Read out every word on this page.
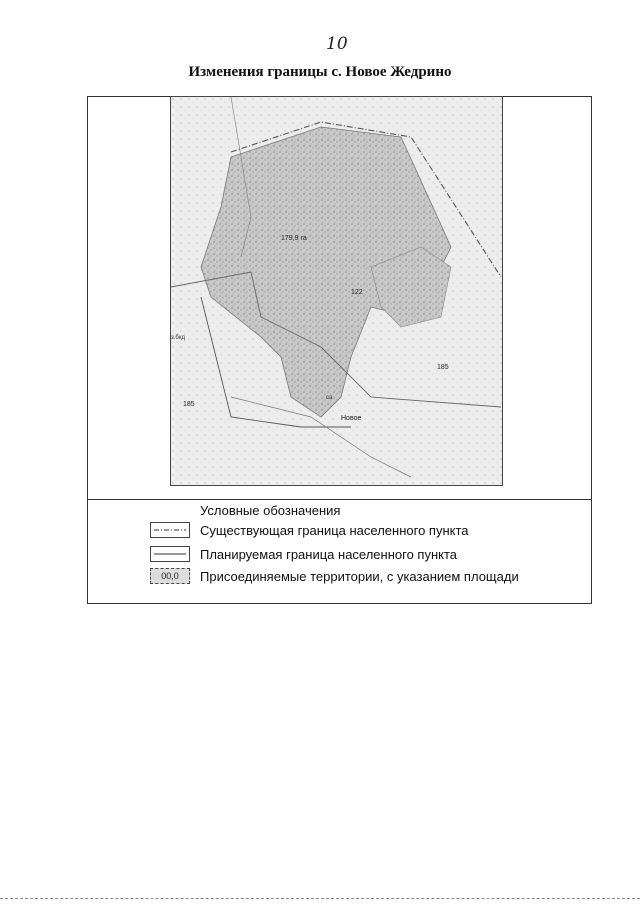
10
Изменения границы с. Новое Жедрино
179,9 га
122
185
185
са
Новое
з.бкд
Условные обозначения
Существующая граница населенного пункта
Планируемая граница населенного пункта
00,0	Присоединяемые территории, с указанием площади
